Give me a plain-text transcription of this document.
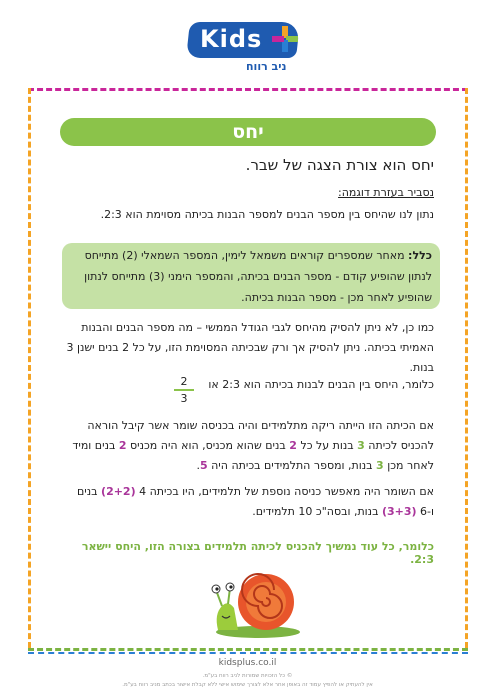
Kids
ניב רווח
יחס
יחס הוא צורת הצגה של שבר.
נסביר בעזרת דוגמה:
נתון לנו שהיחס בין מספר הבנים למספר הבנות בכיתה מסוימת הוא 2:3.
כלל: מאחר שמספרים קוראים משמאל לימין, המספר השמאלי (2) מתייחס לנתון שהופיע קודם - מספר הבנים בכיתה, והמספר הימני (3) מתייחס לנתון שהופיע לאחר מכן - מספר הבנות בכיתה.
כמו כן, לא ניתן להסיק מהיחס לגבי הגודל הממשי – מה מספר הבנים והבנות האמיתי בכיתה. ניתן להסיק אך ורק שבכיתה המסוימת הזו, על כל 2 בנים ישנן 3 בנות.
כלומר, היחס בין הבנים לבנות בכיתה הוא 2:3 או
2
3
אם הכיתה הזו הייתה ריקה מתלמידים והיה בכניסה שומר אשר קיבל הוראה להכניס לכיתה 3 בנות על כל 2 בנים שהוא מכניס, הוא היה מכניס 2 בנים ומיד לאחר מכן 3 בנות, ומספר התלמידים בכיתה היה 5.
אם השומר היה מאפשר כניסה נוספת של תלמידים, היו בכיתה 4 (2+2) בנים ו-6 (3+3) בנות, ובסה"כ 10 תלמידים.
כלומר, כל עוד נמשיך להכניס לכיתה תלמידים בצורה הזו, היחס יישאר 2:3.
kidsplus.co.il
© כל הזכויות שמורות לניב רווח בע"מ.
אין להעתיק או להפיץ עמוד זה באופן אחר אלא לצורך שימוש אישי ללא קבלת אישור בכתב מניב רווח בע"מ.
